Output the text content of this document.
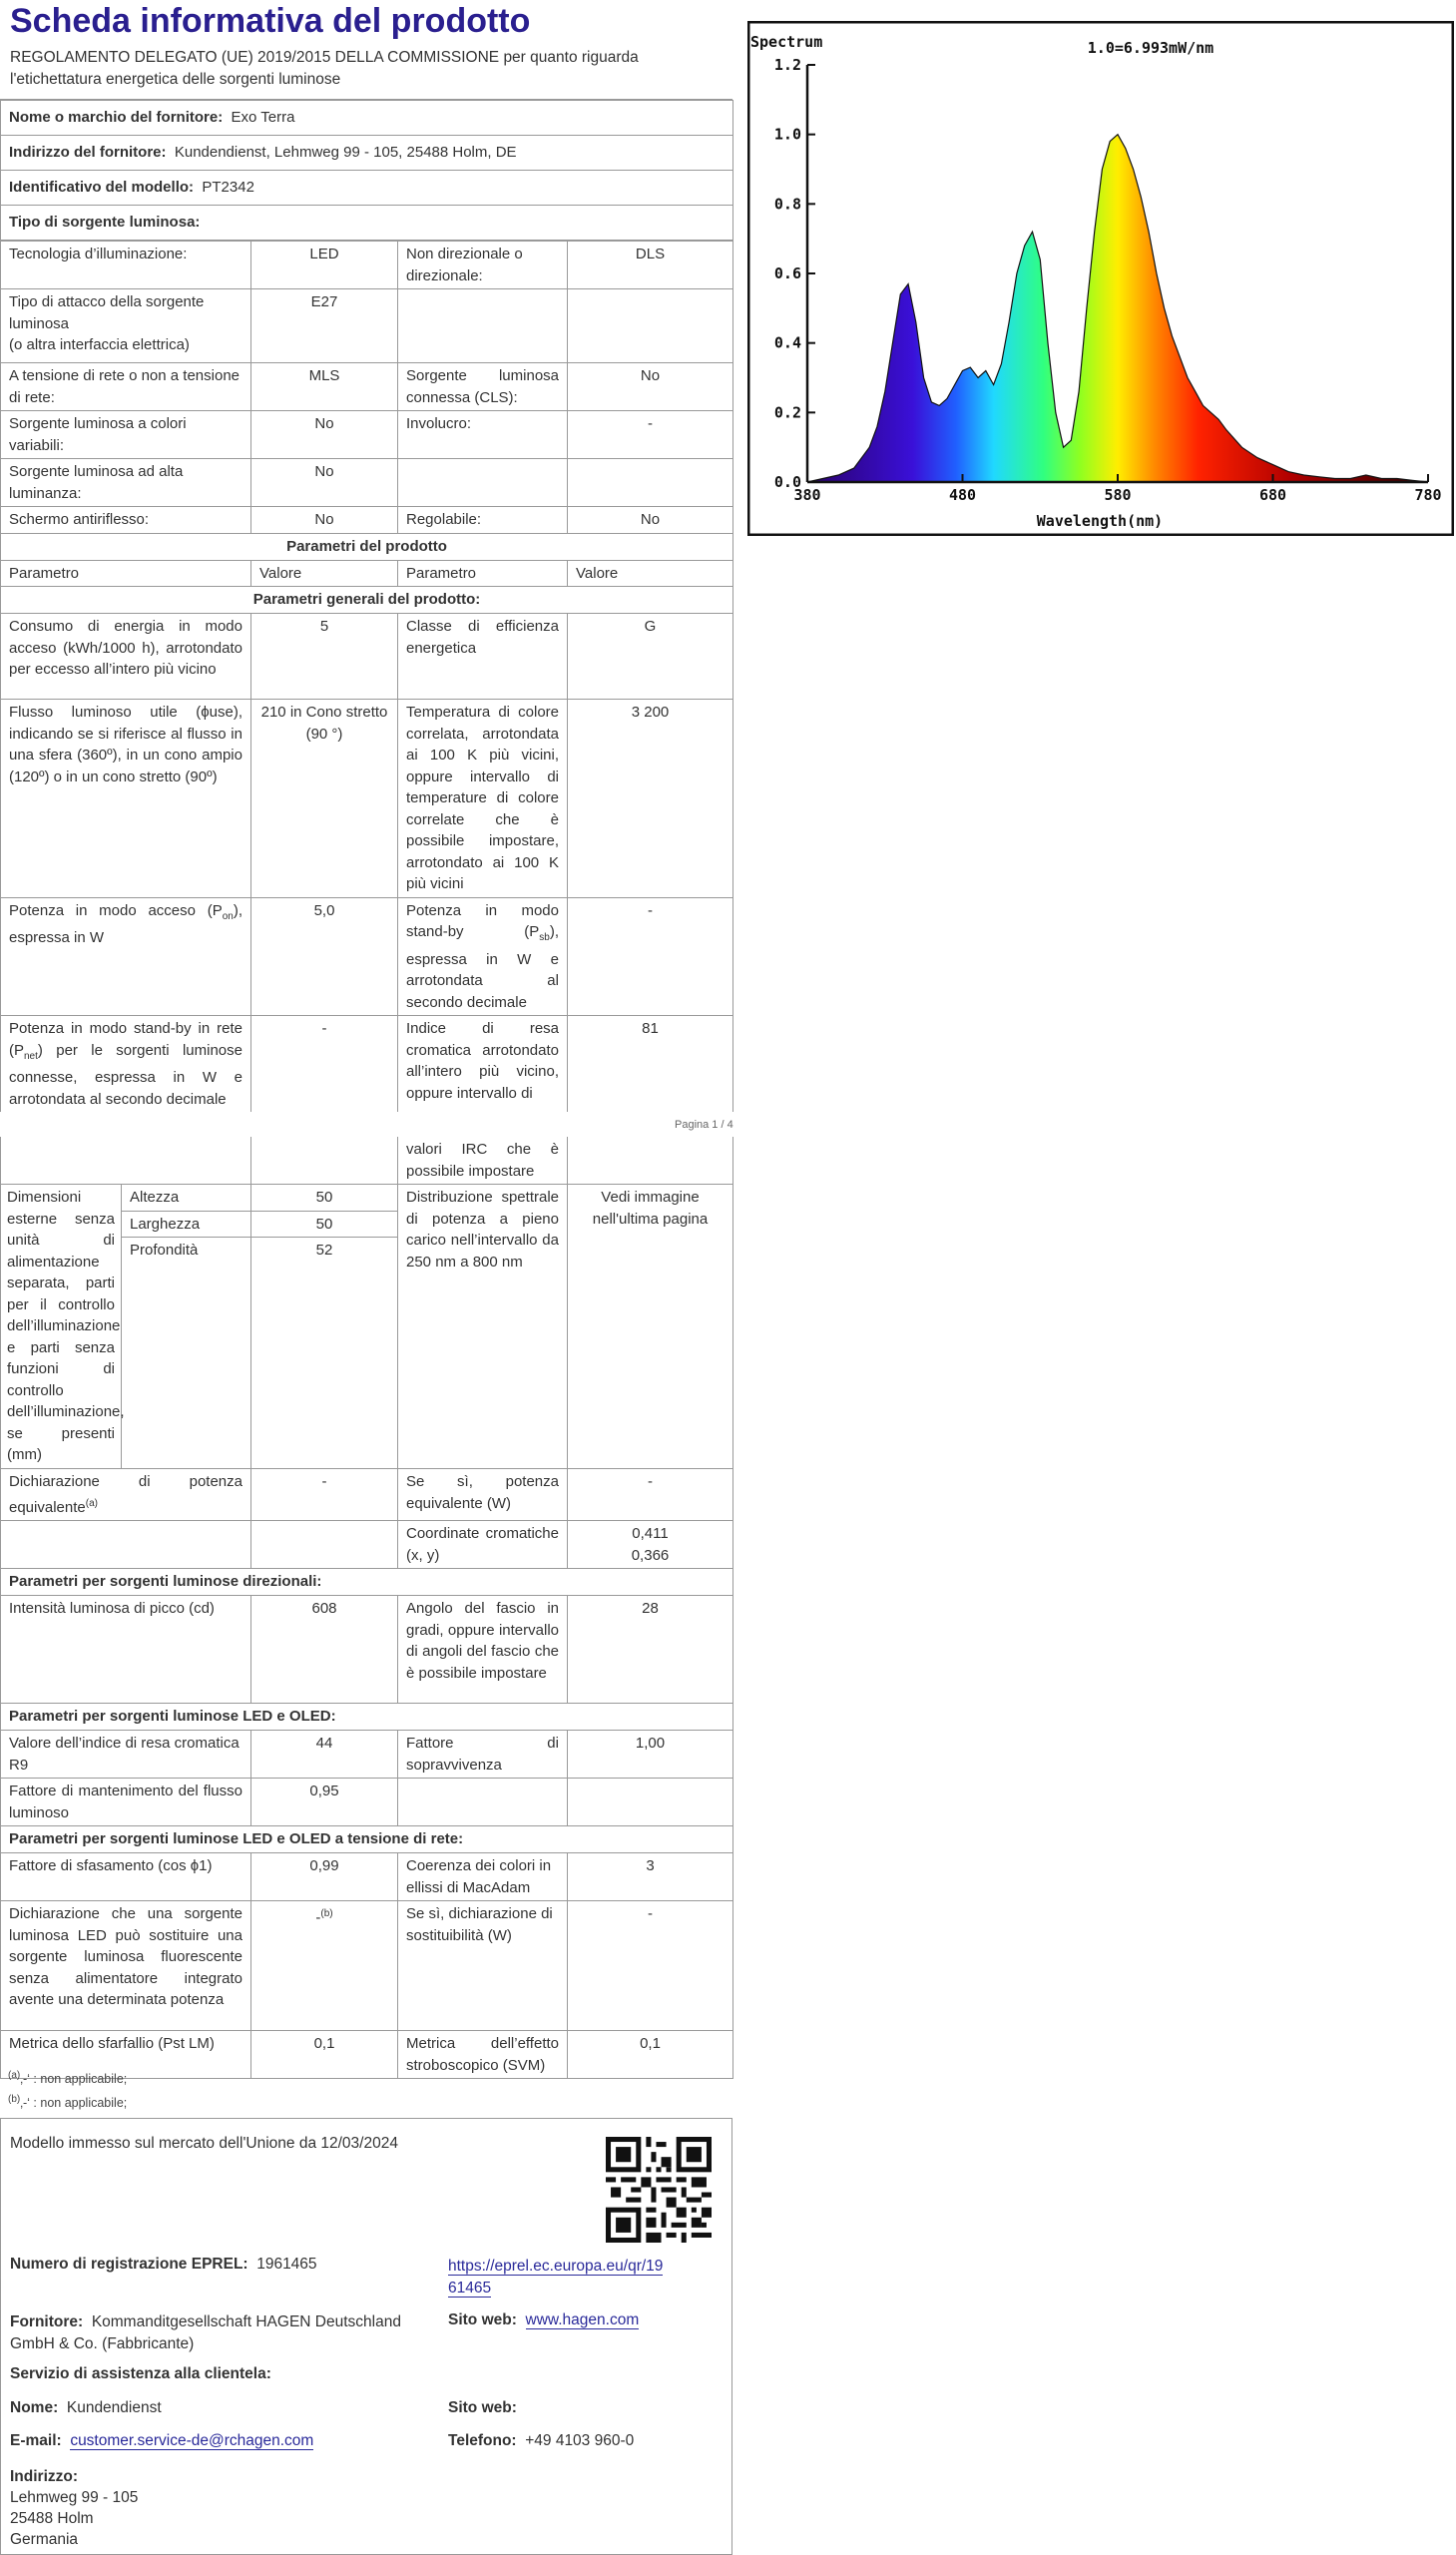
Scheda informativa del prodotto
REGOLAMENTO DELEGATO (UE) 2019/2015 DELLA COMMISSIONE per quanto riguarda l'etichettatura energetica delle sorgenti luminose
Nome o marchio del fornitore: Exo Terra
Indirizzo del fornitore: Kundendienst, Lehmweg 99 - 105, 25488 Holm, DE
Identificativo del modello: PT2342
Tipo di sorgente luminosa:
Tecnologia d’illuminazione:	LED	Non direzionale o direzionale:	DLS

Tipo di attacco della sorgente luminosa
(o altra interfaccia elettrica)	E27		
A tensione di rete o non a tensione di rete:	MLS	Sorgente luminosa connessa (CLS):	No
Sorgente luminosa a colori variabili:	No	Involucro:	-
Sorgente luminosa ad alta luminanza:	No		
Schermo antiriflesso:	No	Regolabile:	No
Parametri del prodotto			
Parametro	Valore	Parametro	Valore
Parametri generali del prodotto:			
Consumo di energia in modo acceso (kWh/1000 h), arrotondato per eccesso all’intero più vicino	5	Classe di efficienza energetica	G
Flusso luminoso utile (ϕuse), indicando se si riferisce al flusso in una sfera (360º), in un cono ampio (120º) o in un cono stretto (90º)	210 in Cono stretto (90 °)	Temperatura di colore correlata, arrotondata ai 100 K più vicini, oppure intervallo di temperature di colore correlate che è possibile impostare, arrotondato ai 100 K più vicini	3 200
Potenza in modo acceso $(P_{on})$, espressa in W	5,0	Potenza in modo stand-by $(P_{sb})$, espressa in W e arrotondata al secondo decimale	-
Potenza in modo stand-by in rete $(P_{net})$ per le sorgenti luminose connesse, espressa in W e arrotondata al secondo decimale	-	Indice di resa cromatica arrotondato all’intero più vicino, oppure intervallo di	81
Pagina 1 / 4
			valori IRC che è possibile impostare	
Dimensioni esterne senza unità di alimentazione separata, parti per il controllo dell’illuminazione e parti senza funzioni di controllo dell’illuminazione, se presenti (mm)	Altezza	50	Distribuzione spettrale di potenza a pieno carico nell’intervallo da 250 nm a 800 nm	Vedi immagine nell'ultima pagina
	Larghezza	50		
	Profondità	52		
Dichiarazione di potenza equivalente$^{(a)}$		-	Se sì, potenza equivalente (W)	-
			Coordinate cromatiche (x, y)	0,411
0,366

Parametri per sorgenti luminose direzionali:				
Intensità luminosa di picco (cd)		608	Angolo del fascio in gradi, oppure intervallo di angoli del fascio che è possibile impostare	28
Parametri per sorgenti luminose LED e OLED:				
Valore dell’indice di resa cromatica R9		44	Fattore di sopravvivenza	1,00
Fattore di mantenimento del flusso luminoso		0,95		
Parametri per sorgenti luminose LED e OLED a tensione di rete:				
Fattore di sfasamento (cos ϕ1)		0,99	Coerenza dei colori in ellissi di MacAdam	3
Dichiarazione che una sorgente luminosa LED può sostituire una sorgente luminosa fluorescente senza alimentatore integrato avente una determinata potenza		-$^{(b)}$	Se sì, dichiarazione di sostituibilità (W)	-
Metrica dello sfarfallio (Pst LM)		0,1	Metrica dell’effetto stroboscopico (SVM)	0,1
$^{(a)}$‚-‘ : non applicabile;
$^{(b)}$‚-‘ : non applicabile;
Modello immesso sul mercato dell'Unione da 12/03/2024
Numero di registrazione EPREL: 1961465	https://eprel.ec.europa.eu/qr/19
61465
Fornitore: Kommanditgesellschaft HAGEN Deutschland
GmbH & Co. (Fabbricante)
Sito web: www.hagen.com
Servizio di assistenza alla clientela:
Nome: Kundendienst	Sito web:
E-mail: customer.service-de@rchagen.com	Telefono: +49 4103 960-0
Indirizzo:
Lehmweg 99 - 105
25488 Holm
Germania
Spectrum	1.0=6.993mW/nm
Wavelength(nm)
0.0
0.2
0.4
0.6
0.8
1.0
1.2
380	480	580	680	780
